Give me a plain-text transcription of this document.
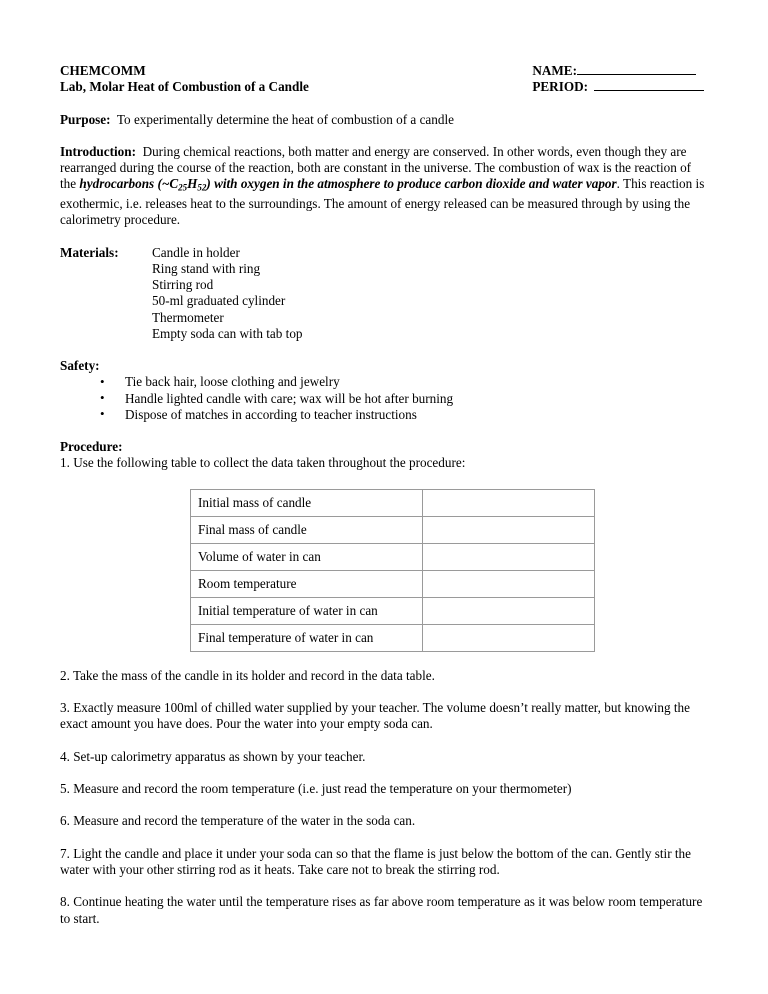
CHEMCOMM
Lab, Molar Heat of Combustion of a Candle
NAME:
PERIOD:
Purpose: To experimentally determine the heat of combustion of a candle
Introduction: During chemical reactions, both matter and energy are conserved. In other words, even though they are rearranged during the course of the reaction, both are constant in the universe. The combustion of wax is the reaction of the hydrocarbons $(\sim C_{25}H_{52})$ with oxygen in the atmosphere to produce carbon dioxide and water vapor. This reaction is exothermic, i.e. releases heat to the surroundings. The amount of energy released can be measured through by using the calorimetry procedure.
Materials:	Candle in holder
Ring stand with ring
Stirring rod
50-ml graduated cylinder
Thermometer
Empty soda can with tab top
Safety:
• Tie back hair, loose clothing and jewelry
• Handle lighted candle with care; wax will be hot after burning
• Dispose of matches in according to teacher instructions
Procedure:
1. Use the following table to collect the data taken throughout the procedure:
Initial mass of candle	
Final mass of candle	
Volume of water in can	
Room temperature	
Initial temperature of water in can	
Final temperature of water in can	
2. Take the mass of the candle in its holder and record in the data table.
3. Exactly measure 100ml of chilled water supplied by your teacher. The volume doesn’t really matter, but knowing the exact amount you have does. Pour the water into your empty soda can.
4. Set-up calorimetry apparatus as shown by your teacher.
5. Measure and record the room temperature (i.e. just read the temperature on your thermometer)
6. Measure and record the temperature of the water in the soda can.
7. Light the candle and place it under your soda can so that the flame is just below the bottom of the can. Gently stir the water with your other stirring rod as it heats. Take care not to break the stirring rod.
8. Continue heating the water until the temperature rises as far above room temperature as it was below room temperature to start.
